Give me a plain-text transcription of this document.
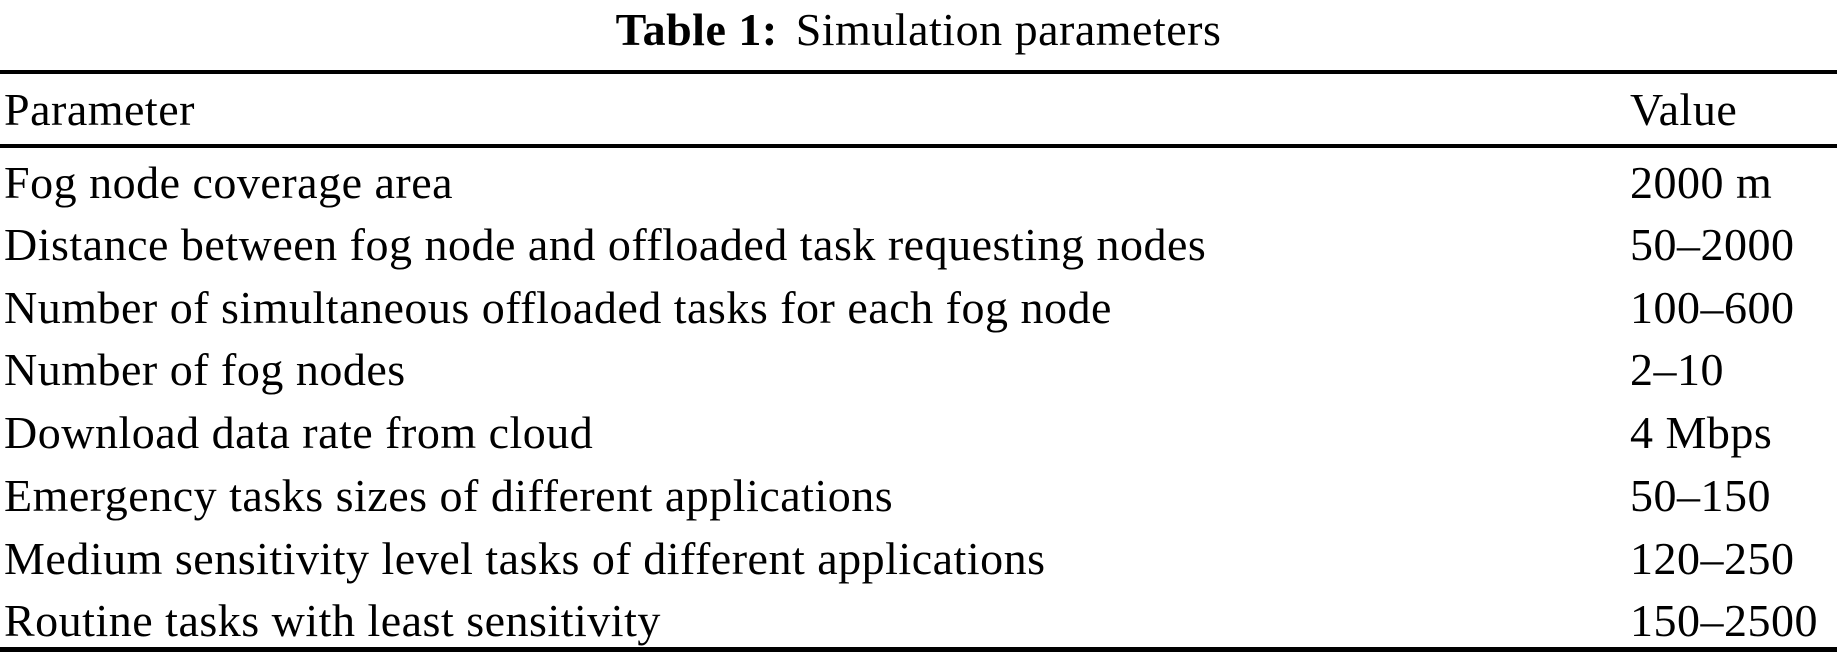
Table 1: Simulation parameters
Parameter	Value
Fog node coverage area	2000 m
Distance between fog node and offloaded task requesting nodes	50–2000
Number of simultaneous offloaded tasks for each fog node	100–600
Number of fog nodes	2–10
Download data rate from cloud	4 Mbps
Emergency tasks sizes of different applications	50–150
Medium sensitivity level tasks of different applications	120–250
Routine tasks with least sensitivity	150–2500
